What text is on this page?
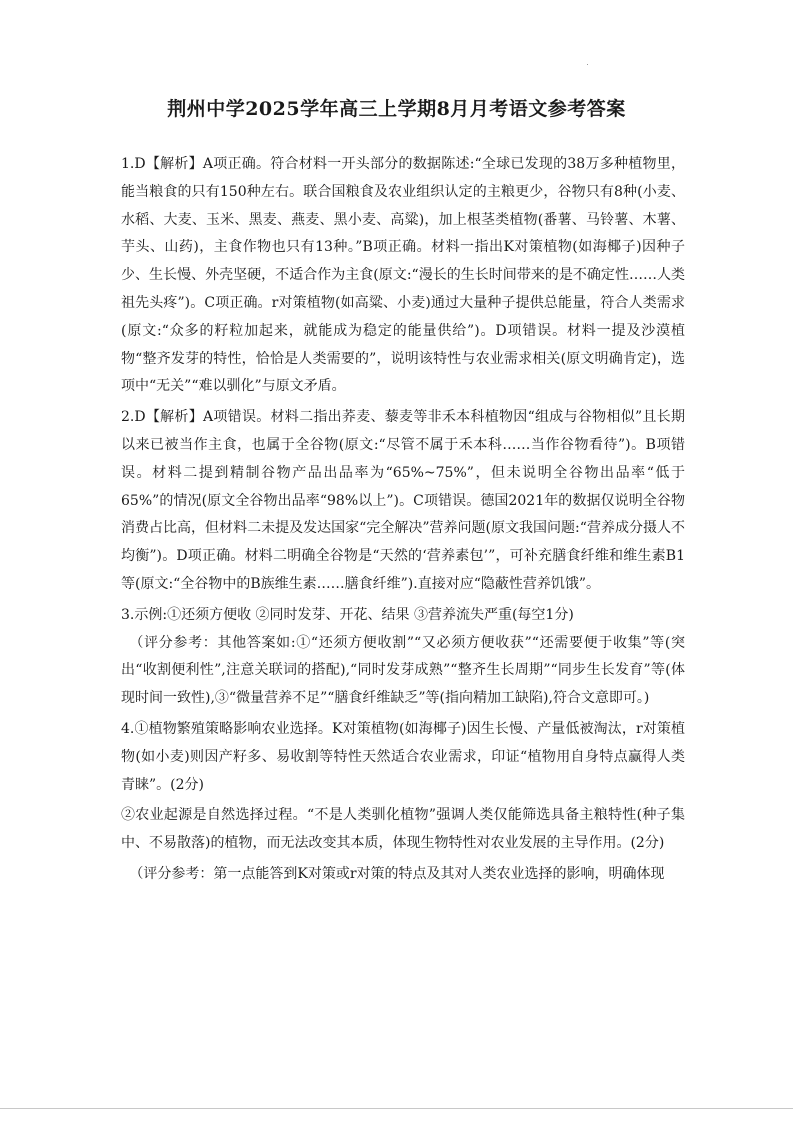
荆州中学2025学年高三上学期8月月考语文参考答案

1.D【解析】A项正确。符合材料一开头部分的数据陈述:“全球已发现的38万多种植物里，能当粮食的只有150种左右。联合国粮食及农业组织认定的主粮更少，谷物只有8种(小麦、水稻、大麦、玉米、黑麦、燕麦、黑小麦、高粱)，加上根茎类植物(番薯、马铃薯、木薯、芋头、山药)，主食作物也只有13种。”B项正确。材料一指出K对策植物(如海椰子)因种子少、生长慢、外壳坚硬，不适合作为主食(原文:“漫长的生长时间带来的是不确定性……人类祖先头疼”)。C项正确。r对策植物(如高粱、小麦)通过大量种子提供总能量，符合人类需求(原文:“众多的籽粒加起来，就能成为稳定的能量供给”)。D项错误。材料一提及沙漠植物“整齐发芽的特性，恰恰是人类需要的”，说明该特性与农业需求相关(原文明确肯定)，选项中“无关”“难以驯化”与原文矛盾。

2.D【解析】A项错误。材料二指出荞麦、藜麦等非禾本科植物因“组成与谷物相似”且长期以来已被当作主食，也属于全谷物(原文:“尽管不属于禾本科……当作谷物看待”)。B项错误。材料二提到精制谷物产品出品率为“65%~75%”，但未说明全谷物出品率“低于65%”的情况(原文全谷物出品率“98%以上”)。C项错误。德国2021年的数据仅说明全谷物消费占比高，但材料二未提及发达国家“完全解决”营养问题(原文我国问题:“营养成分摄人不均衡”)。D项正确。材料二明确全谷物是“天然的‘营养素包’”，可补充膳食纤维和维生素B1等(原文:“全谷物中的B族维生素……膳食纤维”).直接对应“隐蔽性营养饥饿”。

3.示例:①还须方便收 ②同时发芽、开花、结果 ③营养流失严重(每空1分)

（评分参考：其他答案如:①“还须方便收割”“又必须方便收获”“还需要便于收集”等(突出“收割便利性”,注意关联词的搭配),“同时发芽成熟”“整齐生长周期”“同步生长发育”等(体现时间一致性),③“微量营养不足”“膳食纤维缺乏”等(指向精加工缺陷),符合文意即可。)

4.①植物繁殖策略影响农业选择。K对策植物(如海椰子)因生长慢、产量低被淘汰，r对策植物(如小麦)则因产籽多、易收割等特性天然适合农业需求，印证“植物用自身特点赢得人类青睐”。(2分)

②农业起源是自然选择过程。“不是人类驯化植物”强调人类仅能筛选具备主粮特性(种子集中、不易散落)的植物，而无法改变其本质，体现生物特性对农业发展的主导作用。(2分)

（评分参考：第一点能答到K对策或r对策的特点及其对人类农业选择的影响，明确体现
